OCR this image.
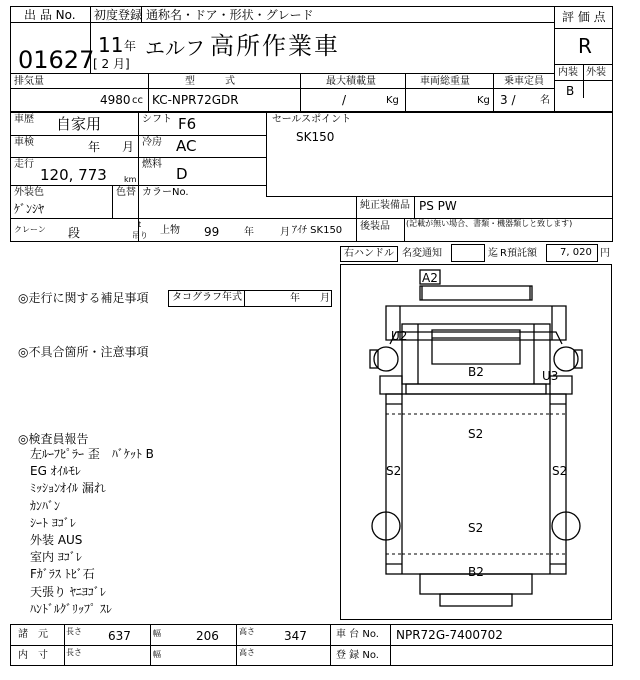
出 品 No.
01627
初度登録 通称名・ドア・形状・グレード
11 年
[ 2 月]
エルフ 高所作業車
評 価 点
R
内装 外装
B
排気量
4980 cc
型　　　式
KC-NPR72GDR
最大積載量
/	Kg
車両総重量
Kg
乗車定員
3 / 名
車歴 自家用	シフト F6
車検	年 月 冷房 AC
走行
120, 773 km
燃料
D
セールスポイント
SK150
外装色
ｹﾞﾝｼﾔ
色替 カラーNo.
純正装備品 PS PW
後装品 (記載が無い場合、書類・機器類しと致します)
クレーン 段
t
吊り 上物 99 年	月 ｱｲﾁ SK150
右ハンドル 名変通知	迄 R預託額 7, 020 円
◎走行に関する補足事項 タコグラフ年式	年 月
◎不具合箇所・注意事項
◎検査員報告
左ﾙｰﾌﾋﾟﾗｰ 歪　ﾊﾞｹｯﾄ B
EG ｵｲﾙﾓﾚ
ﾐｯｼｮﾝｵｲﾙ 漏れ
ｶﾝﾊﾞﾝ
ｼｰﾄ ﾖｺﾞﾚ
外装 AUS
室内 ﾖｺﾞﾚ
Fｶﾞﾗｽ ﾄﾋﾞ石
天張り ﾔﾆﾖｺﾞﾚ
ﾊﾝﾄﾞﾙｸﾞﾘｯﾌﾟ ｽﾚ
A2
U2
B2	U3
S2
S2	S2
S2
B2
諸　元 長さ 637	幅	206	高さ 347	車 台 No. NPR72G-7400702
内　寸 長さ	幅	高さ	登 録 No.
